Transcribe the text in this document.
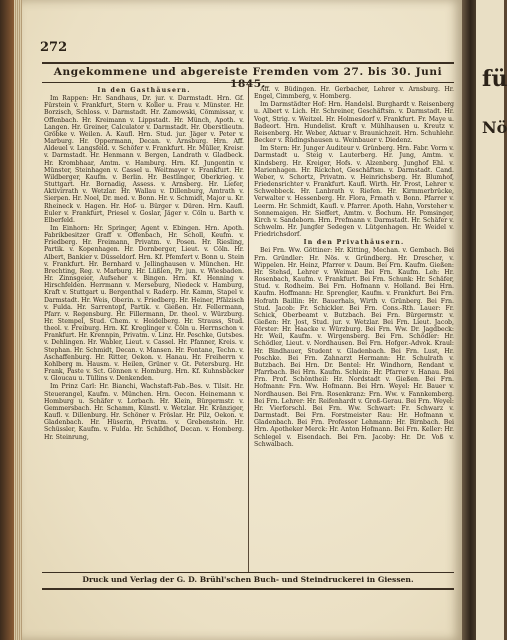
272
Angekommene und abgereiste Fremden vom 27. bis 30. Juni 1845.
In den Gasthäusern.

Im Rappen: Hr. Sandhaus, Dr. jur. v. Darmstadt. Hrn. Gf. Fürstein v. Frankfurt, Stern v. Koller u. Frau v. Münster. Hr. Borzisch, Schloss. v. Darmstadt. Hr. Zamowski, Cömmissar, v. Offenbach. Hr. Kreimann v. Lippstadt. Hr. Münch, Apoth. v. Langen. Hr. Greiner, Calculator v. Darmstadt. Hr. Oberstlieutn. Gröbke v. Weilen. A. Kaufl. Hrn. Stud. jur. Jäger v. Peter v. Marburg. Hr. Oppermann, Decan. v. Arnsburg. Hrn. Aff. Aldeuel v. Langsfeld. v. Schöfer v. Frankfurt. Hr. Müller, Kreisr. v. Darmstadt. Hr. Henmann v. Bergen, Landrath v. Gladbeck. Hr. Krombhaar, Amtm. v. Hamburg. Hrn. Kf. Jungentin v. Münster, Steinhagen v. Cassel u. Weitmayer v. Frankfurt. Hr. Wildberger, Kaufm. v. Berlin. Hr. Bestlinger, Oberkrieg. v. Stuttgart. Hr. Bornadig, Assess. v. Arnsberg. Hr. Liefer, Aktivirrath v. Wetzlar. Hr. Wallau v. Dillenburg, Amtrath v. Sierpen. Hr. Noel, Dr. med. v. Bonn. Hr. v. Schmidt, Major u. Kr. Rheineck v. Hagen. Hr. Hof- u. Bürger v. Düren. Hrn. Kaufl. Euler v. Frankfurt, Priesel v. Goslar, Jäger v. Cöln u. Barth v. Elberfeld.

Im Einhorn: Hr. Springer, Agent v. Ebingen. Hrn. Apoth. Fabrikbesitzer Graff v. Offenbach, Hr. Scholl, Keufm. v. Friedberg. Hr. Freimann, Privatm. v. Posen. Hr. Riesling, Partik. v. Kopenhagen. Hr. Dornberger, Lieut. v. Cöln. Hr. Albert, Bankier v. Düsseldorf. Hrn. Kf. Pfemfert v. Bonn u. Stein v. Frankfurt. Hr. Bernhard v. Jellinghausen v. München. Hr. Brechting, Reg. v. Marburg. Hr. Lüßlen, Pr. jun. v. Wiesbaden. Hr. Zinnsgeier, Aufseher v. Bingen. Hrn. Kf. Henning v. Hirschfelden. Herrmann v. Merseburg, Niedeck v. Hamburg, Kraft v. Stuttgart u. Bergenthal v. Raderp. Hr. Kamm, Stapel v. Darmstadt. Hr. Weis, Oberin. v. Friedberg. Hr. Heiner, Pfälzisch v. Fulda. Hr. Sarrentopf, Partik. v. Gießen. Hr. Fellermann, Pfarr. v. Regensburg. Hr. Fillermann, Dr. theol. v. Würzburg. Hr. Stempel, Stud. Chem. v. Heidelberg. Hr. Strauss, Stud. theol. v. Freiburg. Hrn. Kf. Kreglinger v. Cöln u. Herrnschon v. Frankfurt. Hr. Krennpin, Privatm. v. Linz. Hr. Peschke, Gutsbes. v. Dehlingen. Hr. Wabler, Lieut. v. Cassel. Hr. Pfanner, Kreis. v. Stephan. Hr. Schmidt, Decan. v. Mansen. Hr. Fontane, Techn. v. Aschaffenburg. Hr. Ritter, Oekon. v. Hanau. Hr. Freiherrn v. Kohlberg m. Hausm. v. Heilen, Grüner v. Gt. Petersburg. Hr. Frank, Paste v. Sct. Gönnen v. Homburg. Hrn. Kf. Kuhnsbäcker v. Gloucau u. Tüllins v. Denkenden.

Im Prinz Carl: Hr. Bianchi, Wachstaft-Fab.-Bes. v. Tilsit. Hr. Steuerangel, Kaufm. v. München. Hrn. Oecon. Heinemann v. Homburg u. Schäfer v. Lorbach. Hr. Klein, Bürgermstr. v. Gemmersbach. Hr. Schamm, Künstl. v. Wetzlar. Hr. Kränziger, Kaufl. v. Dillenburg. Hr. Schöner v. Fröslar. Hr. Pilz, Oekon. v. Gladenbach. Hr. Hüserin, Privatm. v. Grebenstein. Hr. Schüssler, Kaufm. v. Fulda. Hr. Schildhof, Decan. v. Homberg. Hr. Steinrung,

Aff. v. Büdingen. Hr. Gerbacher, Lehrer v. Arnsburg. Hr. Engel, Cimmberg, v. Homberg.

Im Darmstädter Hof: Hrn. Handelsl. Burghardt v. Reisenberg u. Albert v. Lich. Hr. Schreiner, Geschäftsm. v. Darmstadt. Hr. Vogt, Strig. v. Weitzel. Hr. Holmesdorf v. Frankfurt. Fr. Maye u. Badeort. Hrn. Hundelist. Kraft v. Mühlhausen u. Kreutz v. Reisenberg. Hr. Weber, Aktuar v. Braunichzeit. Hrn. Schuhlehr. Becker v. Rüdingshausen u. Weinbauer v. Diedenz.

Im Stern: Hr. Junger Auditeur v. Grünberg. Hrn. Fabr. Vorm v. Darmstadt u. Steig v. Lauterberg. Hr. Jung, Amtm. v. Kindsberg. Hr. Kreiger, Hofs. v. Alzenberg. Junghof Ehl. v. Marienhagen. Hr. Rickchot, Geschäftsm. v. Darmstadt. Cand. Weber, v. Schortz, Privatm. v. Heinrichsberg. Hr. Blumhof, Friedensrichter v. Frankfurt. Kaufl. Wirth. Hr. Frost, Lehrer v. Schwebbeck. Hr. Lanbrath v. Riefen. Hr. Kirmmerbrücke, Verwalter v. Hessenberg. Hr. Flora, Frmath v. Bonn. Pfarrer v. Leerm. Hr. Schmidt, Kaufl. v. Pfarrer. Apoth. Hahn, Vorsteher v. Sonnemaigen. Hr. Sieffert, Amtm. v. Bochum. Hr. Pomsinger, Kirch v. Sandeborn. Hrn. Prefmann v. Darmstadt. Hr. Schäfer v. Schwelm. Hr. Jungfer Sedegen v. Lütgenhagen. Hr. Weidel v. Friedrichsdorf.

In den Privathäusern.

Bei Frn. Ww. Göttiner: Hr. Kitting, Mechan. v. Gembach. Bei Frn. Gründler: Hr. Nös. v. Gründberg. Hr. Drescher, v. Wippelen. Hr. Heinz, Pfarrer v. Daum. Bei Frn. Kaufm. Gießen: Hr. Stehsd, Lehrer v. Weimar. Bei Frn. Kaufm. Leh: Hr. Rosenbach, Kaufm. v. Frankfurt. Bei Frn. Schunk: Hr. Schäfer, Stud. v. Rodheim. Bei Frn. Hofmann v. Holland. Bei Hrn. Kaufm. Hoffmann: Hr. Sprengler, Kaufm. v. Frankfurt. Bei Frn. Hofrath Baillin: Hr. Bauerhals, Wirth v. Grünberg. Bei Frn. Stud. Jacob: Fr. Schickler. Bei Frn. Cons.-Rth. Lauer: Fr. Schick, Oberbeamt v. Butzbach. Bei Frn. Bürgermstr. v. Gießen: Hr. Jost, Stud. jur. v. Wetzlar. Bei Frn. Lieut. Jacob, Förster: Hr. Haacke v. Würzburg. Bei Frn. Ww. Dr. Jagdbeck: Hr. Weil, Kaufm. v. Wirgensberg. Bei Frn. Schödler: Hr. Schödler, Lieut. v. Nordhausen. Bei Frn. Hofger.-Advok. Kraul: Hr. Bindhauer, Student v. Gladenbach. Bei Frn. Lust, Hr. Poschke. Bei Frn. Zahnarzt Hermann: Hr. Schulrath v. Butzbach. Bei Hrn. Dr. Bentel: Hr. Windhorn, Rendant v. Pfarrbach. Bei Hrn. Kaufm. Schlein: Hr. Pfarrer v. Hanau. Bei Frn. Prof. Schöntheil: Hr. Nordstadt v. Gießen. Bei Frn. Hofmann: Frn. Ww. Hofmann. Bei Hrn. Weyel: Hr. Bauer v. Nordhausen. Bei Frn. Rosenkranz: Frn. Ww. v. Fannkemberg. Bei Frn. Lehrer: Hr. Reifenhardt v. Groß-Gerau. Bei Frn. Weyel: Hr. Vierforschl. Bei Frn. Ww. Schwart: Fr. Schwarz v. Darmstadt. Bei Frn. Forstmeister Rau: Hr. Hofmann v. Gladenbach. Bei Frn. Professor Lehmann: Hr. Birnbach. Bei Hrn. Apotheker Merck: Hr. Anton Hofmann. Bei Frn. Keller: Hr. Schlegel v. Eisendach. Bei Frn. Jacoby: Hr. Dr. Voß v. Schwalbach.

Druck und Verlag der G. D. Brühl'schen Buch- und Steindruckerei in Giessen.
fü
Nö
